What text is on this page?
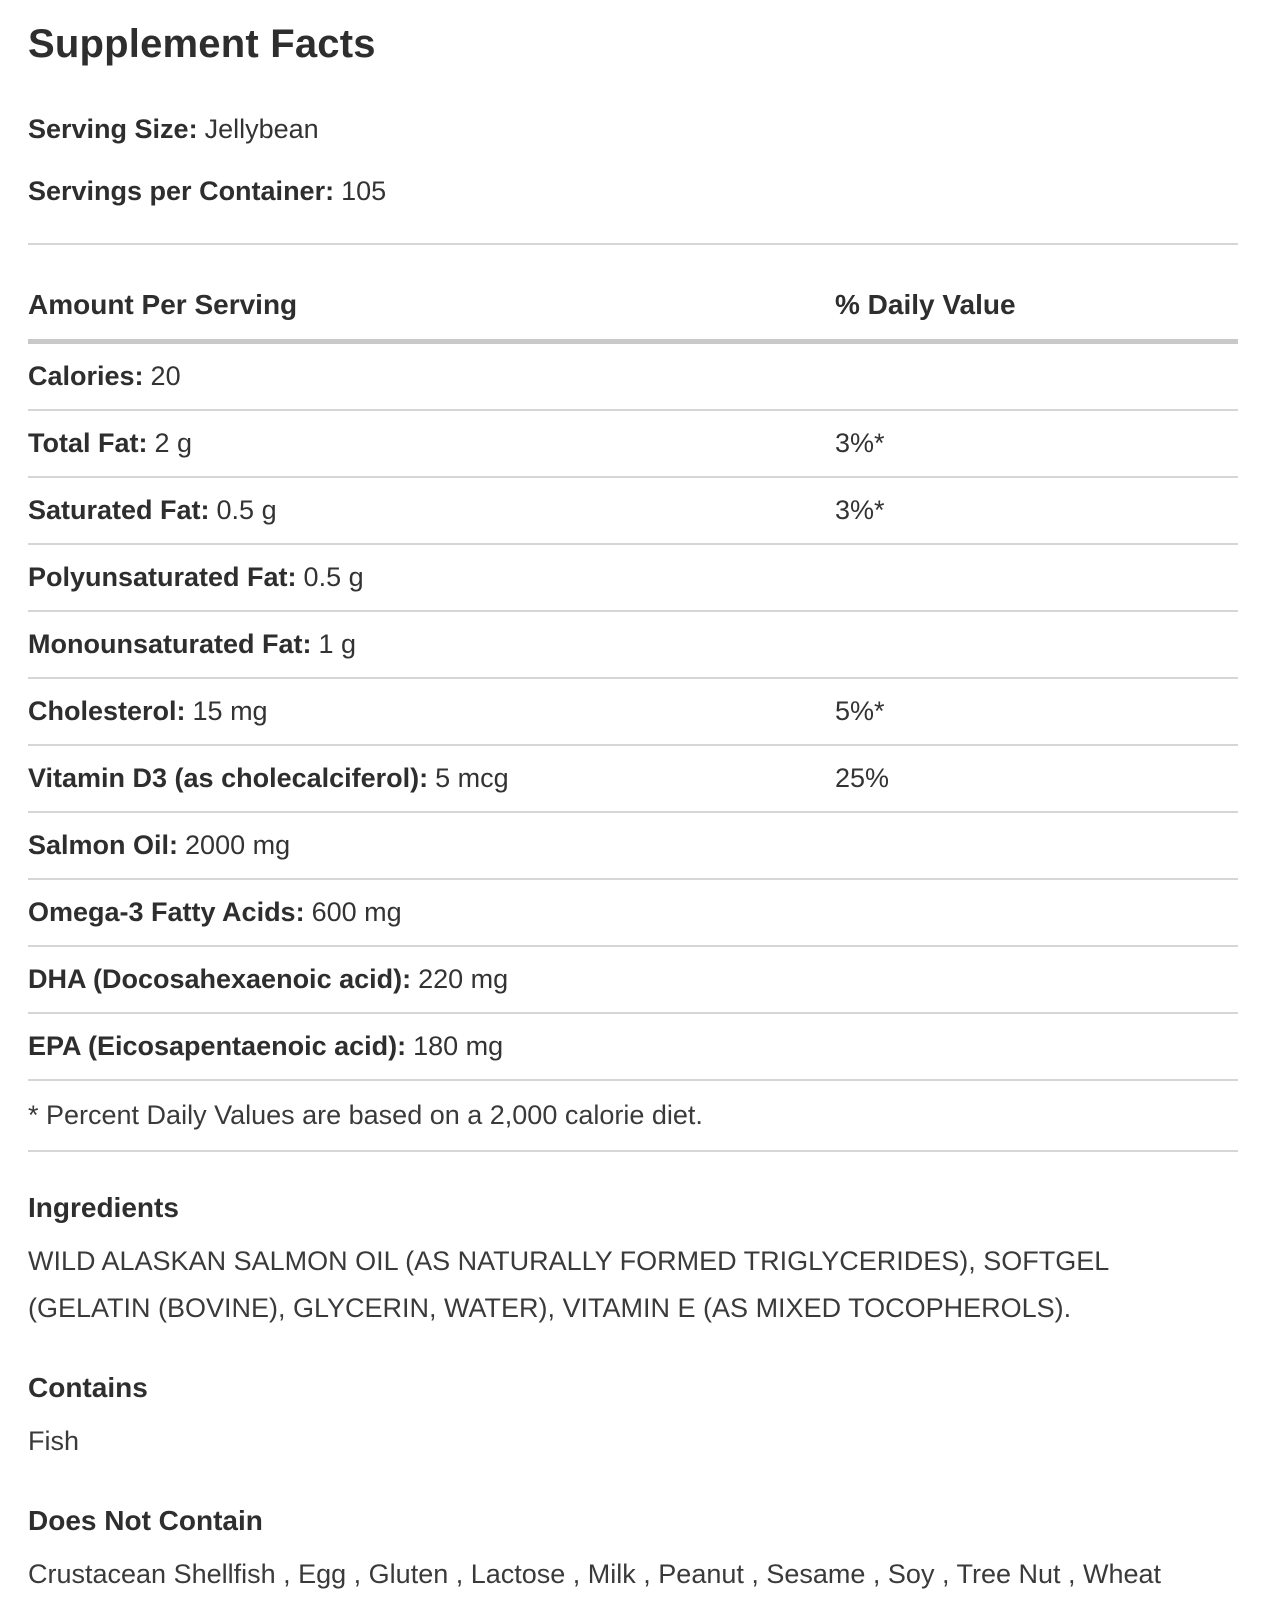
Supplement Facts
Serving Size: Jellybean
Servings per Container: 105
Amount Per Serving	% Daily Value
Calories: 20
Total Fat: 2 g	3%*
Saturated Fat: 0.5 g	3%*
Polyunsaturated Fat: 0.5 g
Monounsaturated Fat: 1 g
Cholesterol: 15 mg	5%*
Vitamin D3 (as cholecalciferol): 5 mcg	25%
Salmon Oil: 2000 mg
Omega-3 Fatty Acids: 600 mg
DHA (Docosahexaenoic acid): 220 mg
EPA (Eicosapentaenoic acid): 180 mg
* Percent Daily Values are based on a 2,000 calorie diet.
Ingredients
WILD ALASKAN SALMON OIL (AS NATURALLY FORMED TRIGLYCERIDES), SOFTGEL (GELATIN (BOVINE), GLYCERIN, WATER), VITAMIN E (AS MIXED TOCOPHEROLS).
Contains
Fish
Does Not Contain
Crustacean Shellfish , Egg , Gluten , Lactose , Milk , Peanut , Sesame , Soy , Tree Nut , Wheat
